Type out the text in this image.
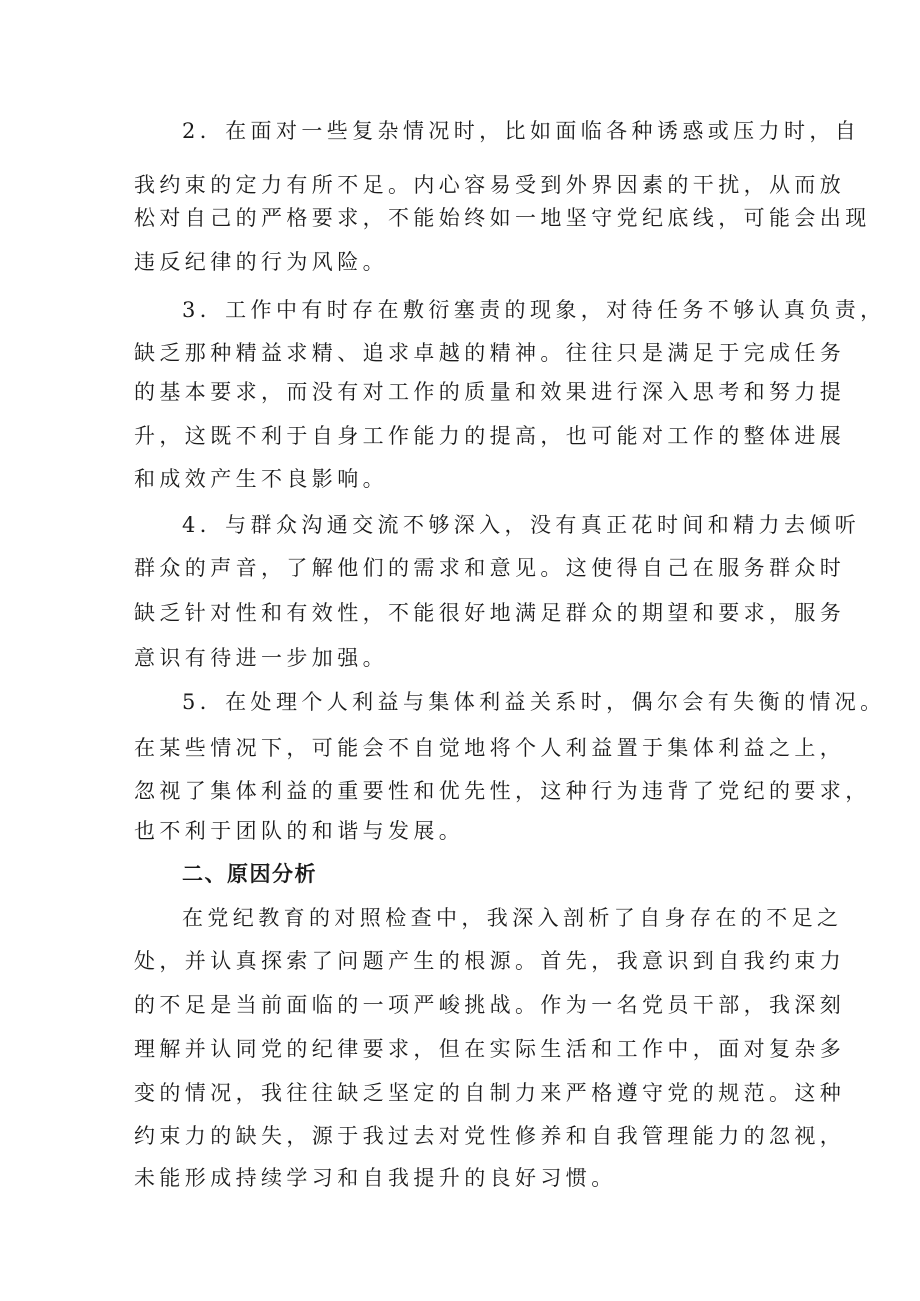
2．在面对一些复杂情况时，比如面临各种诱惑或压力时，自

我约束的定力有所不足。内心容易受到外界因素的干扰，从而放

松对自己的严格要求，不能始终如一地坚守党纪底线，可能会出现

违反纪律的行为风险。

3．工作中有时存在敷衍塞责的现象，对待任务不够认真负责，

缺乏那种精益求精、追求卓越的精神。往往只是满足于完成任务

的基本要求，而没有对工作的质量和效果进行深入思考和努力提

升，这既不利于自身工作能力的提高，也可能对工作的整体进展

和成效产生不良影响。

4．与群众沟通交流不够深入，没有真正花时间和精力去倾听

群众的声音，了解他们的需求和意见。这使得自己在服务群众时

缺乏针对性和有效性，不能很好地满足群众的期望和要求，服务

意识有待进一步加强。

5．在处理个人利益与集体利益关系时，偶尔会有失衡的情况。

在某些情况下，可能会不自觉地将个人利益置于集体利益之上，

忽视了集体利益的重要性和优先性，这种行为违背了党纪的要求，

也不利于团队的和谐与发展。

二、原因分析

在党纪教育的对照检查中，我深入剖析了自身存在的不足之

处，并认真探索了问题产生的根源。首先，我意识到自我约束力

的不足是当前面临的一项严峻挑战。作为一名党员干部，我深刻

理解并认同党的纪律要求，但在实际生活和工作中，面对复杂多

变的情况，我往往缺乏坚定的自制力来严格遵守党的规范。这种

约束力的缺失，源于我过去对党性修养和自我管理能力的忽视，

未能形成持续学习和自我提升的良好习惯。
